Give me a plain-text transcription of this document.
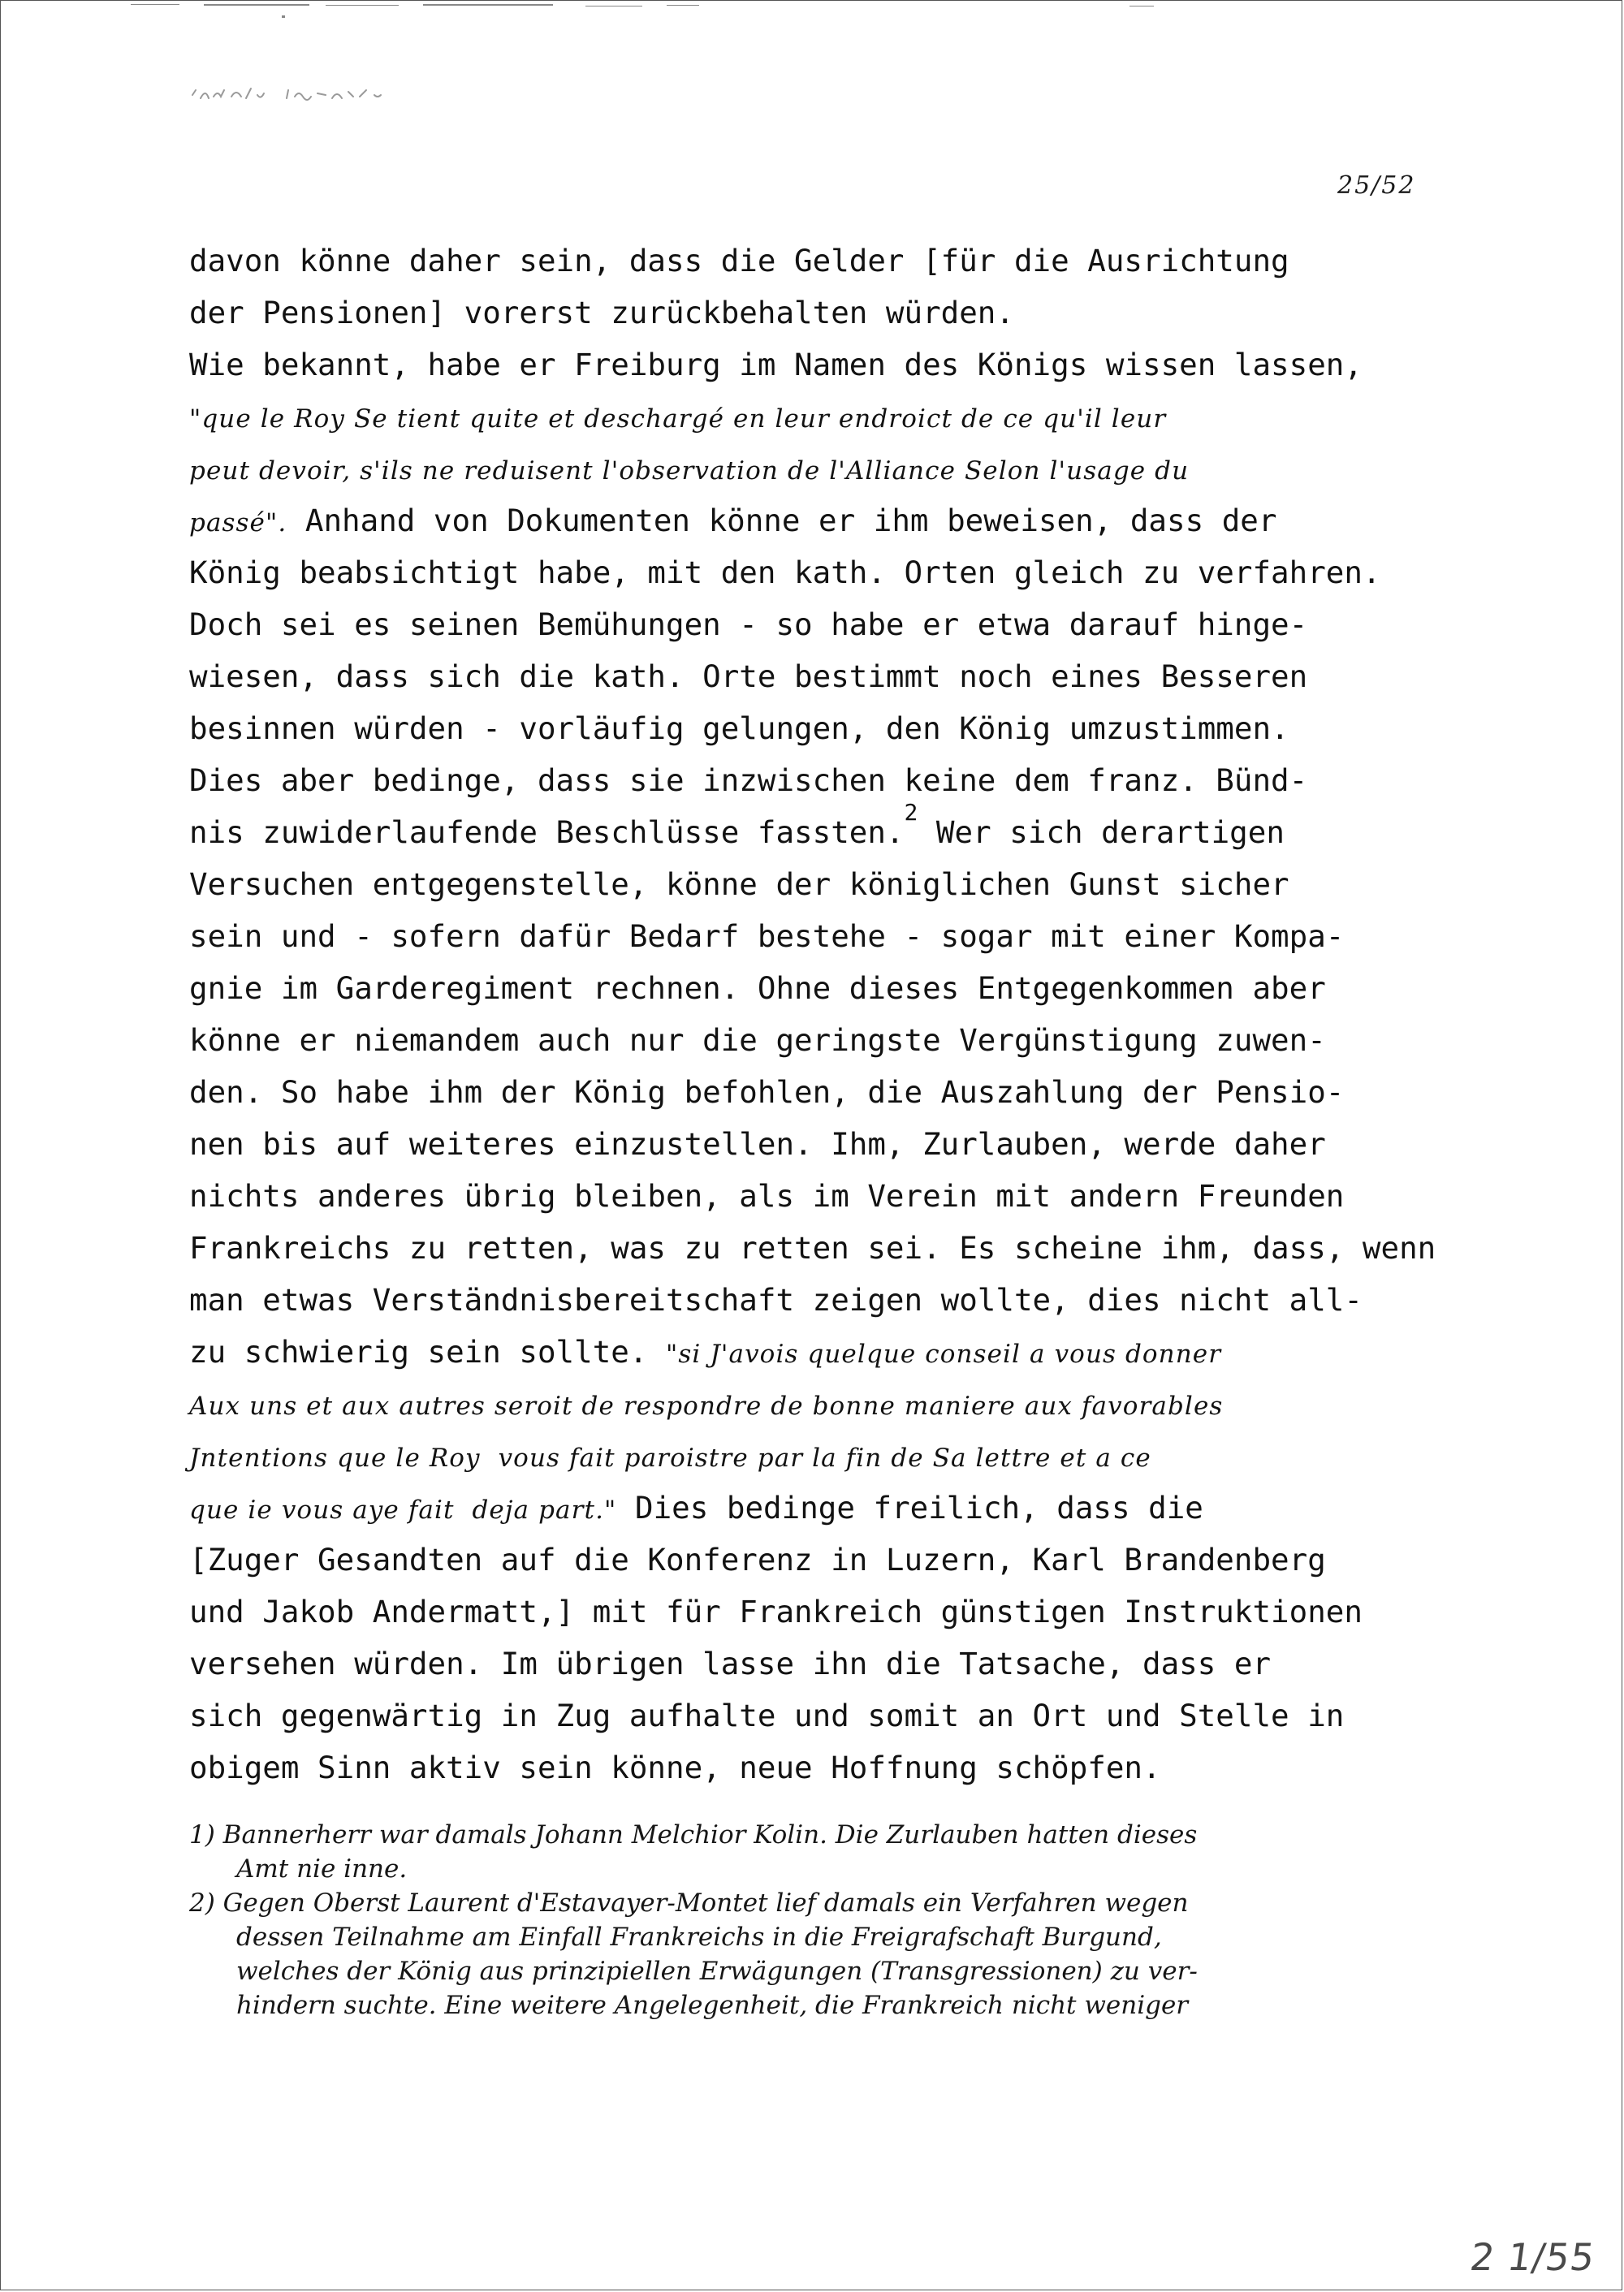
25/52
davon könne daher sein, dass die Gelder [für die Ausrichtung
der Pensionen] vorerst zurückbehalten würden.
Wie bekannt, habe er Freiburg im Namen des Königs wissen lassen,
"que le Roy Se tient quite et deschargé en leur endroict de ce qu'il leur
peut devoir, s'ils ne reduisent l'observation de l'Alliance Selon l'usage du
passé". Anhand von Dokumenten könne er ihm beweisen, dass der
König beabsichtigt habe, mit den kath. Orten gleich zu verfahren.
Doch sei es seinen Bemühungen - so habe er etwa darauf hinge-
wiesen, dass sich die kath. Orte bestimmt noch eines Besseren
besinnen würden - vorläufig gelungen, den König umzustimmen.
Dies aber bedinge, dass sie inzwischen keine dem franz. Bünd-
nis zuwiderlaufende Beschlüsse fassten.$^2$ Wer sich derartigen
Versuchen entgegenstelle, könne der königlichen Gunst sicher
sein und - sofern dafür Bedarf bestehe - sogar mit einer Kompa-
gnie im Garderegiment rechnen. Ohne dieses Entgegenkommen aber
könne er niemandem auch nur die geringste Vergünstigung zuwen-
den. So habe ihm der König befohlen, die Auszahlung der Pensio-
nen bis auf weiteres einzustellen. Ihm, Zurlauben, werde daher
nichts anderes übrig bleiben, als im Verein mit andern Freunden
Frankreichs zu retten, was zu retten sei. Es scheine ihm, dass, wenn
man etwas Verständnisbereitschaft zeigen wollte, dies nicht all-
zu schwierig sein sollte. "si J'avois quelque conseil a vous donner
Aux uns et aux autres seroit de respondre de bonne maniere aux favorables
Jntentions que le Roy  vous fait paroistre par la fin de Sa lettre et a ce
que ie vous aye fait  deja part." Dies bedinge freilich, dass die
[Zuger Gesandten auf die Konferenz in Luzern, Karl Brandenberg
und Jakob Andermatt,] mit für Frankreich günstigen Instruktionen
versehen würden. Im übrigen lasse ihn die Tatsache, dass er
sich gegenwärtig in Zug aufhalte und somit an Ort und Stelle in
obigem Sinn aktiv sein könne, neue Hoffnung schöpfen.
1) Bannerherr war damals Johann Melchior Kolin. Die Zurlauben hatten dieses
Amt nie inne.
2) Gegen Oberst Laurent d'Estavayer-Montet lief damals ein Verfahren wegen
dessen Teilnahme am Einfall Frankreichs in die Freigrafschaft Burgund,
welches der König aus prinzipiellen Erwägungen (Transgressionen) zu ver-
hindern suchte. Eine weitere Angelegenheit, die Frankreich nicht weniger
2 1/55
